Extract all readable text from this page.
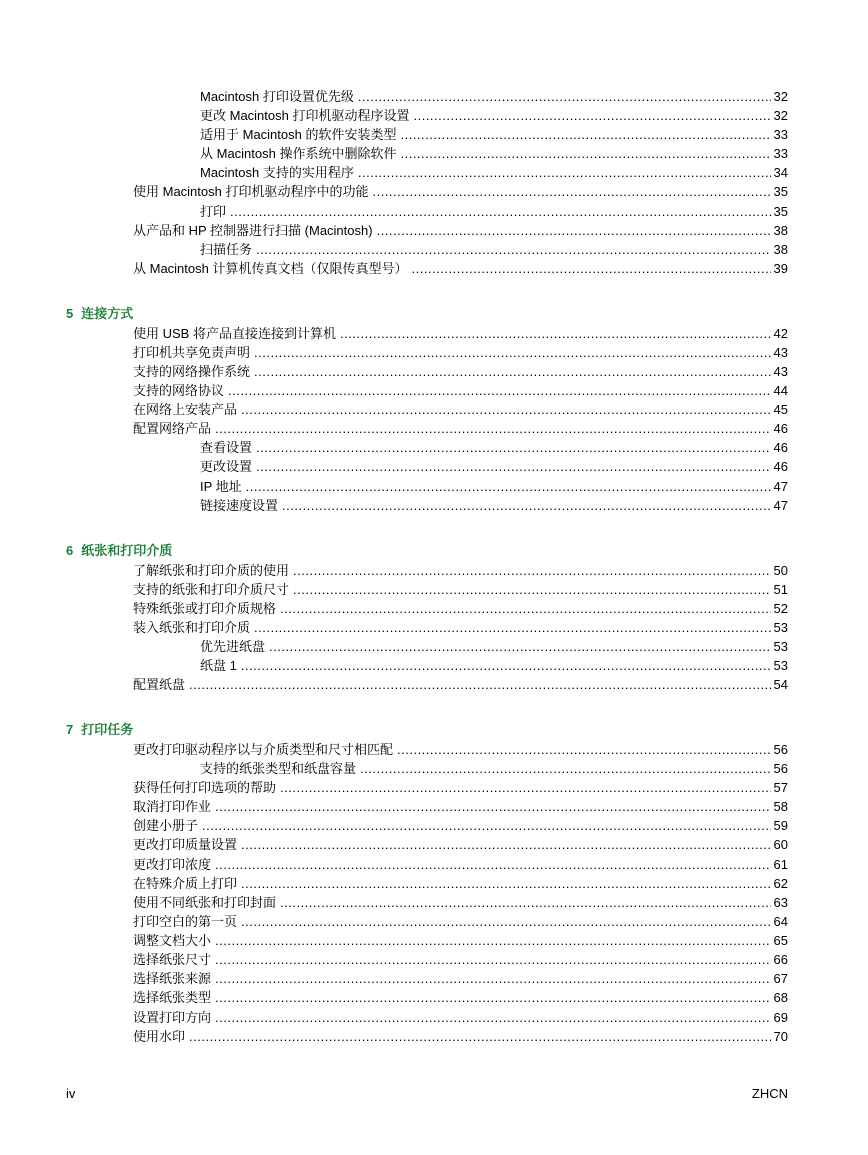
Macintosh 打印设置优先级 .....	32
更改 Macintosh 打印机驱动程序设置 .....	32
适用于 Macintosh 的软件安装类型 .....	33
从 Macintosh 操作系统中删除软件 .....	33
Macintosh 支持的实用程序 .....	34
使用 Macintosh 打印机驱动程序中的功能 .....	35
打印 .....	35
从产品和 HP 控制器进行扫描 (Macintosh) .....	38
扫描任务 .....	38
从 Macintosh 计算机传真文档（仅限传真型号） .....	39
5 连接方式
使用 USB 将产品直接连接到计算机 .....	42
打印机共享免责声明 .....	43
支持的网络操作系统 .....	43
支持的网络协议 .....	44
在网络上安装产品 .....	45
配置网络产品 .....	46
查看设置 .....	46
更改设置 .....	46
IP 地址 .....	47
链接速度设置 .....	47
6 纸张和打印介质
了解纸张和打印介质的使用 .....	50
支持的纸张和打印介质尺寸 .....	51
特殊纸张或打印介质规格 .....	52
装入纸张和打印介质 .....	53
优先进纸盘 .....	53
纸盘 1 .....	53
配置纸盘 .....	54
7 打印任务
更改打印驱动程序以与介质类型和尺寸相匹配 .....	56
支持的纸张类型和纸盘容量 .....	56
获得任何打印选项的帮助 .....	57
取消打印作业 .....	58
创建小册子 .....	59
更改打印质量设置 .....	60
更改打印浓度 .....	61
在特殊介质上打印 .....	62
使用不同纸张和打印封面 .....	63
打印空白的第一页 .....	64
调整文档大小 .....	65
选择纸张尺寸 .....	66
选择纸张来源 .....	67
选择纸张类型 .....	68
设置打印方向 .....	69
使用水印 .....	70
iv	ZHCN
